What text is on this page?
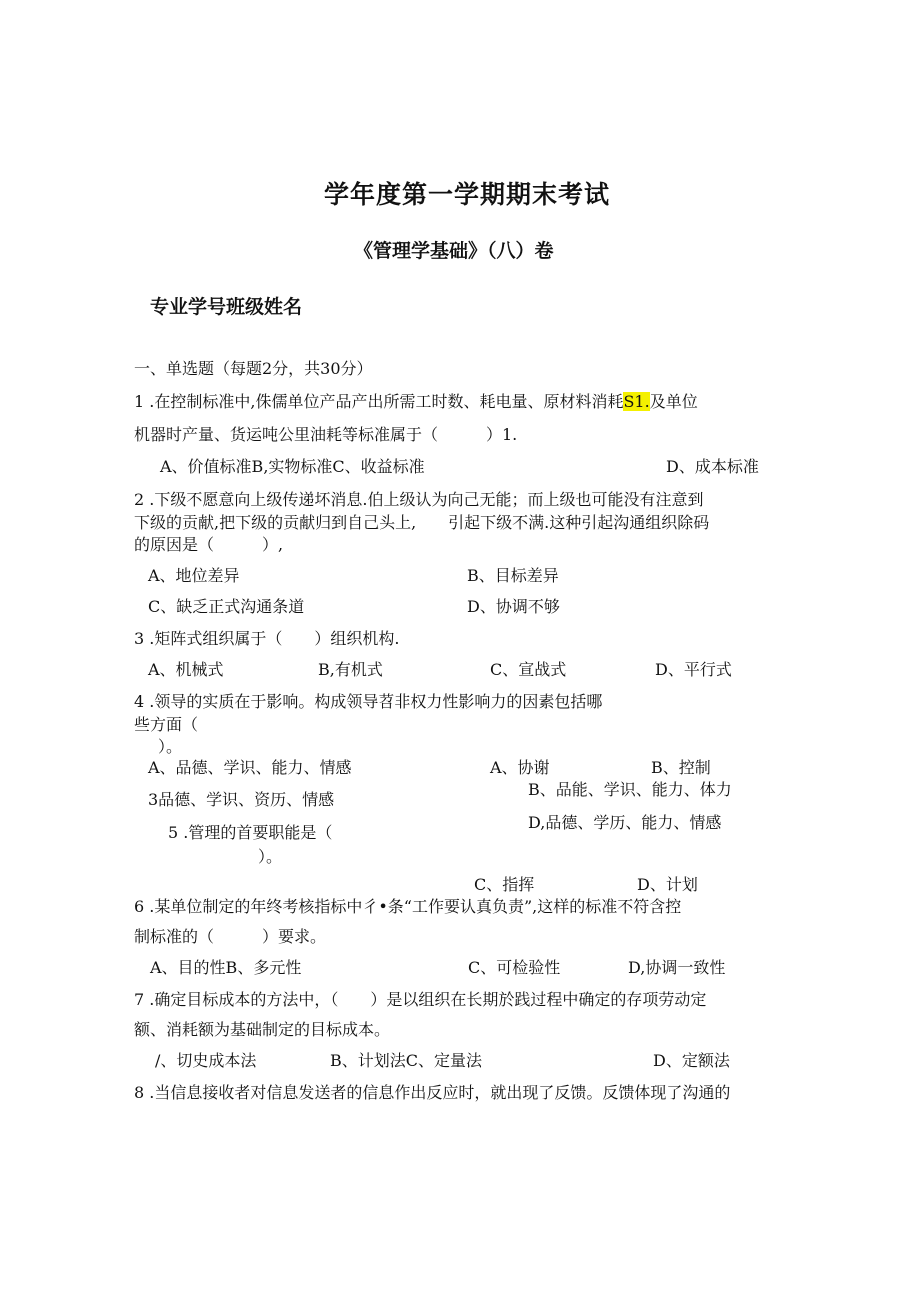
学年度第一学期期末考试
《管理学基础》（八）卷
专业学号班级姓名
一、单选题（每题2分，共30分）
1 .在控制标准中,侏儒单位产品产出所需工时数、耗电量、原材料消耗S1.及单位
机器时产量、货运吨公里油耗等标准属于（　　　）1.
A、价值标准B,实物标准C、收益标准	D、成本标准
2 .下级不愿意向上级传递坏消息.伯上级认为向己无能；而上级也可能没有注意到
下级的贡献,把下级的贡献归到自己头上,　　引起下级不满.这种引起沟通组织除码
的原因是（　　　）,
A、地位差异	B、目标差异
C、缺乏正式沟通条道	D、协调不够
3 .矩阵式组织属于（　　）组织机构.
A、机械式	B,有机式	C、宣战式	D、平行式
4 .领导的实质在于影响。构成领导苕非权力性影响力的因素包括哪
些方面（
）。
A、品德、学识、能力、情感
B、品能、学识、能力、体力
3品德、学识、资历、情感
D,品德、学历、能力、情感
A、协谢	B、控制
5 .管理的首要职能是（
）。
C、指挥	D、计划
6 .某单位制定的年终考核指标中彳•条“工作要认真负责”,这样的标准不符含控
制标准的（　　　）要求。
A、目的性B、多元性	C、可检验性	D,协调一致性
7 .确定目标成本的方法中，（　　）是以组织在长期於践过程中确定的存项劳动定
额、消耗额为基础制定的目标成本。
/、切史成本法	B、计划法C、定量法	D、定额法
8 .当信息接收者对信息发送者的信息作出反应时，就出现了反馈。反馈体现了沟通的
